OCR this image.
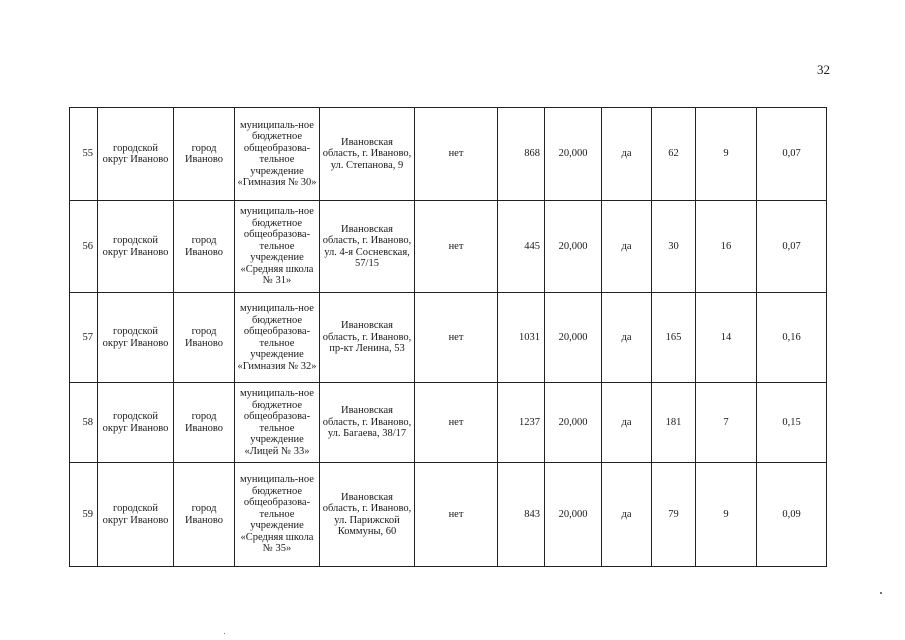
32
55	городской округ Иваново	город Иваново	муниципаль-ное бюджетное общеобразова-тельное учреждение «Гимназия № 30»	Ивановская область, г. Иваново, ул. Степанова, 9	нет	868	20,000	да	62	9	0,07
56	городской округ Иваново	город Иваново	муниципаль-ное бюджетное общеобразова-тельное учреждение «Средняя школа № 31»	Ивановская область, г. Иваново, ул. 4-я Сосневская, 57/15	нет	445	20,000	да	30	16	0,07
57	городской округ Иваново	город Иваново	муниципаль-ное бюджетное общеобразова-тельное учреждение «Гимназия № 32»	Ивановская область, г. Иваново, пр-кт Ленина, 53	нет	1031	20,000	да	165	14	0,16
58	городской округ Иваново	город Иваново	муниципаль-ное бюджетное общеобразова-тельное учреждение «Лицей № 33»	Ивановская область, г. Иваново, ул. Багаева, 38/17	нет	1237	20,000	да	181	7	0,15
59	городской округ Иваново	город Иваново	муниципаль-ное бюджетное общеобразова-тельное учреждение «Средняя школа № 35»	Ивановская область, г. Иваново, ул. Парижской Коммуны, 60	нет	843	20,000	да	79	9	0,09
